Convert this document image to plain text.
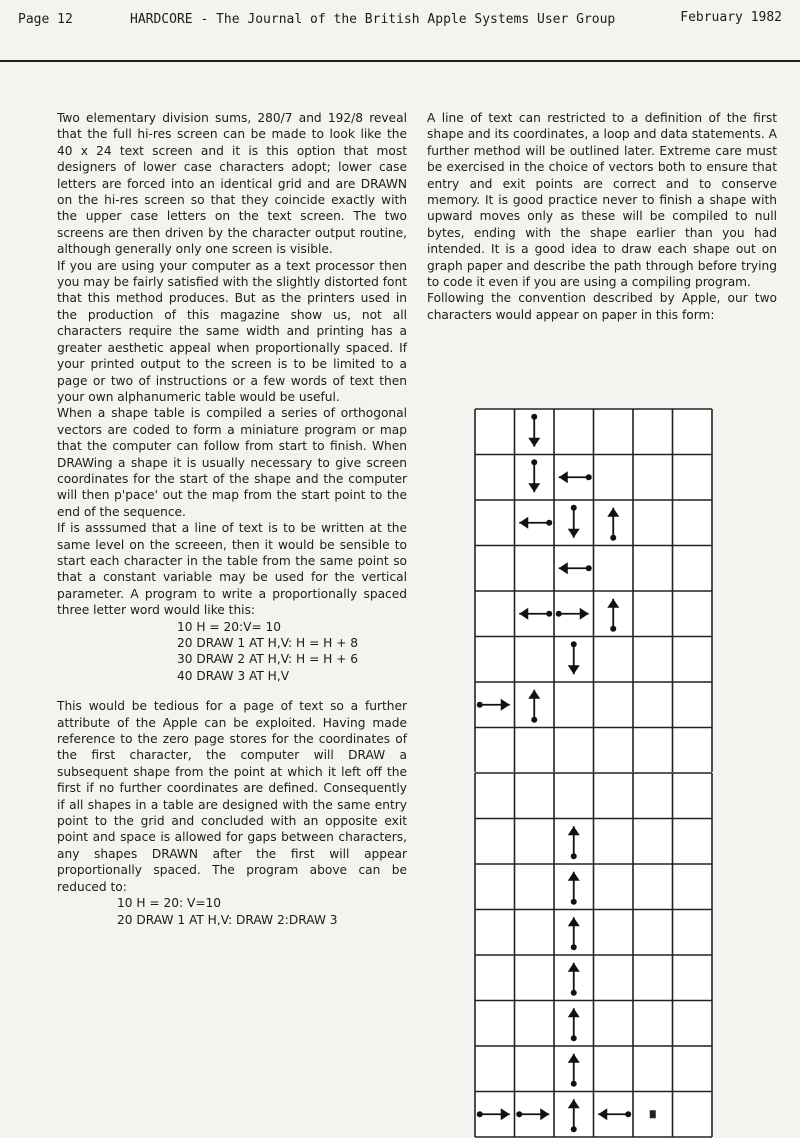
Page 12	HARDCORE - The Journal of the British Apple Systems User Group	February 1982

Two elementary division sums, 280/7 and 192/8 reveal that the full hi-res screen can be made to look like the 40 x 24 text screen and it is this option that most designers of lower case characters adopt; lower case letters are forced into an identical grid and are DRAWN on the hi-res screen so that they coincide exactly with the upper case letters on the text screen. The two screens are then driven by the character output routine, although generally only one screen is visible.

If you are using your computer as a text processor then you may be fairly satisfied with the slightly distorted font that this method produces. But as the printers used in the production of this magazine show us, not all characters require the same width and printing has a greater aesthetic appeal when proportionally spaced. If your printed output to the screen is to be limited to a page or two of instructions or a few words of text then your own alphanumeric table would be useful.

When a shape table is compiled a series of orthogonal vectors are coded to form a miniature program or map that the computer can follow from start to finish. When DRAWing a shape it is usually necessary to give screen coordinates for the start of the shape and the computer will then p'pace' out the map from the start point to the end of the sequence.

If is asssumed that a line of text is to be written at the same level on the screeen, then it would be sensible to start each character in the table from the same point so that a constant variable may be used for the vertical parameter. A program to write a proportionally spaced three letter word would like this:

10 H = 20:V= 10
20 DRAW 1 AT H,V: H = H + 8
30 DRAW 2 AT H,V: H = H + 6
40 DRAW 3 AT H,V

This would be tedious for a page of text so a further attribute of the Apple can be exploited. Having made reference to the zero page stores for the coordinates of the first character, the computer will DRAW a subsequent shape from the point at which it left off the first if no further coordinates are defined. Consequently if all shapes in a table are designed with the same entry point to the grid and concluded with an opposite exit point and space is allowed for gaps between characters, any shapes DRAWN after the first will appear proportionally spaced. The program above can be reduced to:

10 H = 20: V=10
20 DRAW 1 AT H,V: DRAW 2:DRAW 3

A line of text can restricted to a definition of the first shape and its coordinates, a loop and data statements. A further method will be outlined later. Extreme care must be exercised in the choice of vectors both to ensure that entry and exit points are correct and to conserve memory. It is good practice never to finish a shape with upward moves only as these will be compiled to null bytes, ending with the shape earlier than you had intended. It is a good idea to draw each shape out on graph paper and describe the path through before trying to code it even if you are using a compiling program.

Following the convention described by Apple, our two characters would appear on paper in this form:
